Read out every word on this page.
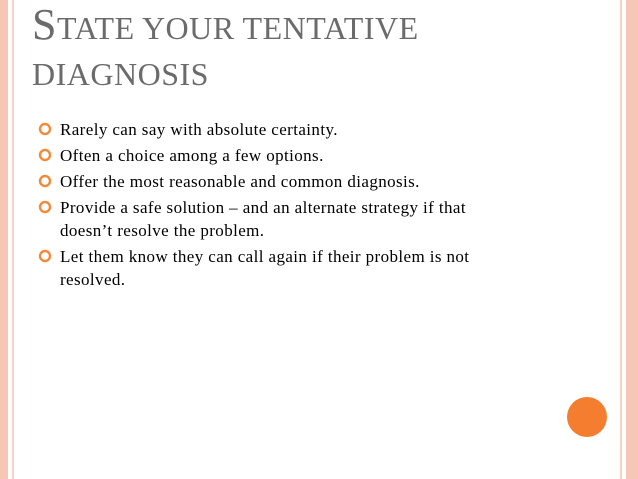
STATE YOUR TENTATIVE DIAGNOSIS
Rarely can say with absolute certainty.
Often a choice among a few options.
Offer the most reasonable and common diagnosis.
Provide a safe solution – and an alternate strategy if that doesn’t resolve the problem.
Let them know they can call again if their problem is not resolved.
